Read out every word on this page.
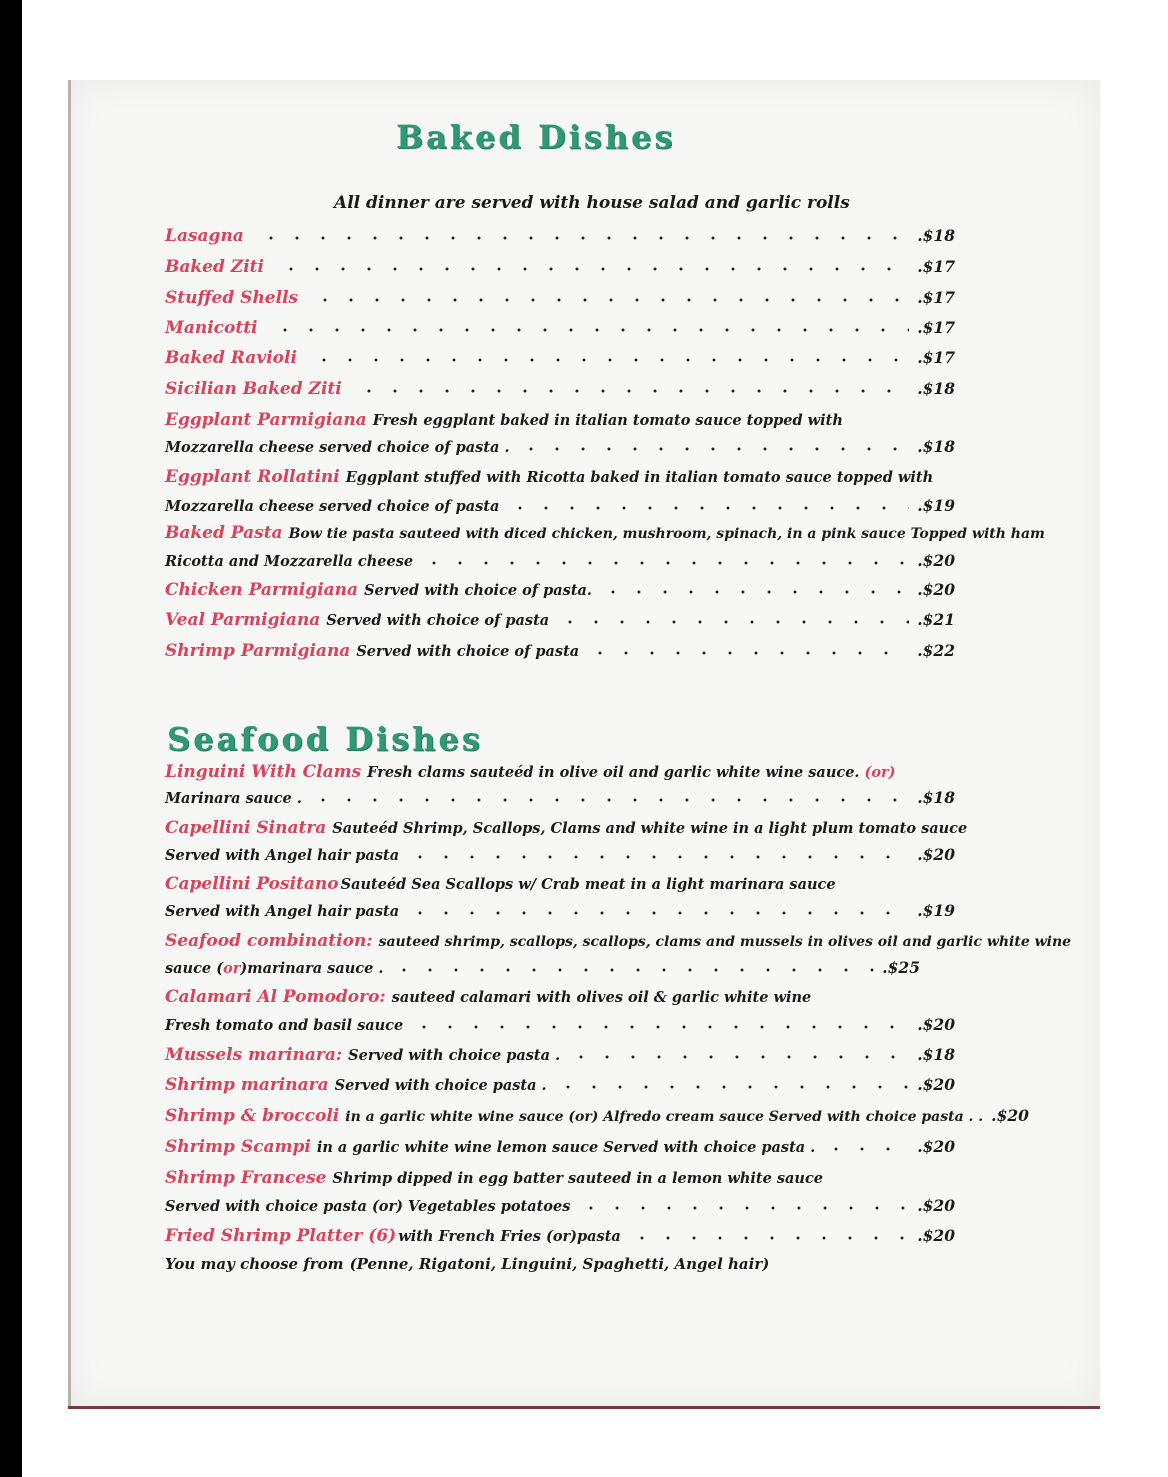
Baked Dishes
All dinner are served with house salad and garlic rolls
Lasagna	.$18
Baked Ziti	.$17
Stuffed Shells	.$17
Manicotti	.$17
Baked Ravioli	.$17
Sicilian Baked Ziti	.$18
Eggplant Parmigiana Fresh eggplant baked in italian tomato sauce topped with
Mozzarella cheese served choice of pasta .	.$18
Eggplant Rollatini Eggplant stuffed with Ricotta baked in italian tomato sauce topped with
Mozzarella cheese served choice of pasta	.$19
Baked Pasta Bow tie pasta sauteed with diced chicken, mushroom, spinach, in a pink sauce Topped with ham
Ricotta and Mozzarella cheese	.$20
Chicken Parmigiana Served with choice of pasta.	.$20
Veal Parmigiana Served with choice of pasta	.$21
Shrimp Parmigiana Served with choice of pasta	.$22
Seafood Dishes
Linguini With Clams Fresh clams sauteéd in olive oil and garlic white wine sauce. (or)
Marinara sauce .	.$18
Capellini Sinatra Sauteéd Shrimp, Scallops, Clams and white wine in a light plum tomato sauce
Served with Angel hair pasta	.$20
Capellini Positano Sauteéd Sea Scallops w/ Crab meat in a light marinara sauce
Served with Angel hair pasta	.$19
Seafood combination: sauteed shrimp, scallops, scallops, clams and mussels in olives oil and garlic white wine
sauce ( or )marinara sauce .	.$25
Calamari Al Pomodoro: sauteed calamari with olives oil & garlic white wine
Fresh tomato and basil sauce	.$20
Mussels marinara: Served with choice pasta .	.$18
Shrimp marinara Served with choice pasta .	.$20
Shrimp & broccoli in a garlic white wine sauce (or) Alfredo cream sauce Served with choice pasta . . .$20
Shrimp Scampi in a garlic white wine lemon sauce Served with choice pasta .	.$20
Shrimp Francese Shrimp dipped in egg batter sauteed in a lemon white sauce
Served with choice pasta (or) Vegetables potatoes	.$20
Fried Shrimp Platter (6) with French Fries (or)pasta	.$20
You may choose from (Penne, Rigatoni, Linguini, Spaghetti, Angel hair)
